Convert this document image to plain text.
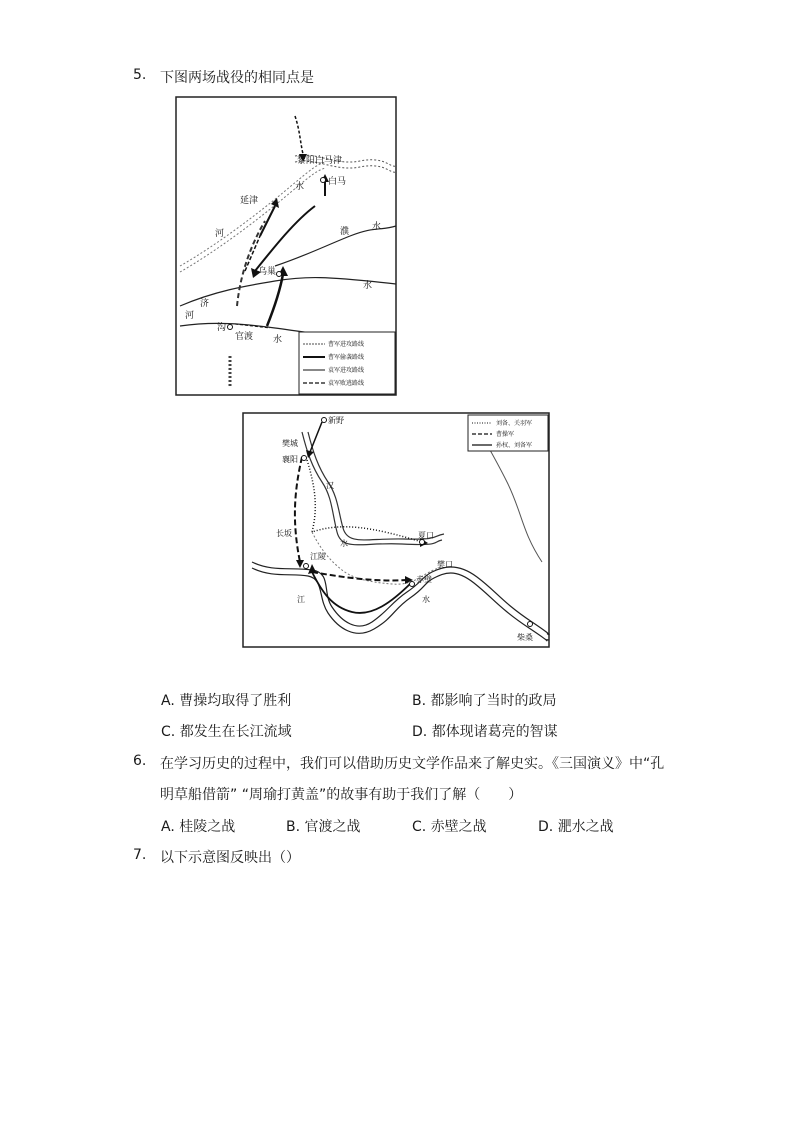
5. 下图两场战役的相同点是
黎阳 白马津
白马
延津
河
水
濮	水
乌巢
济
河
沟
官渡
水
水	曹军进攻路线
曹军偷袭路线
袁军进攻路线
袁军败逃路线
新野
樊城
襄阳
汉
长坂
水
夏口
江陵
樊口
赤壁
江	水
柴桑
刘备、关羽军
曹操军
孙权、刘备军
A. 曹操均取得了胜利	B. 都影响了当时的政局
C. 都发生在长江流域	D. 都体现诸葛亮的智谋
6. 在学习历史的过程中，我们可以借助历史文学作品来了解史实。《三国演义》中“孔
明草船借箭” “周瑜打黄盖”的故事有助于我们了解（　　）
A. 桂陵之战	B. 官渡之战	C. 赤壁之战	D. 淝水之战
7. 以下示意图反映出（）
